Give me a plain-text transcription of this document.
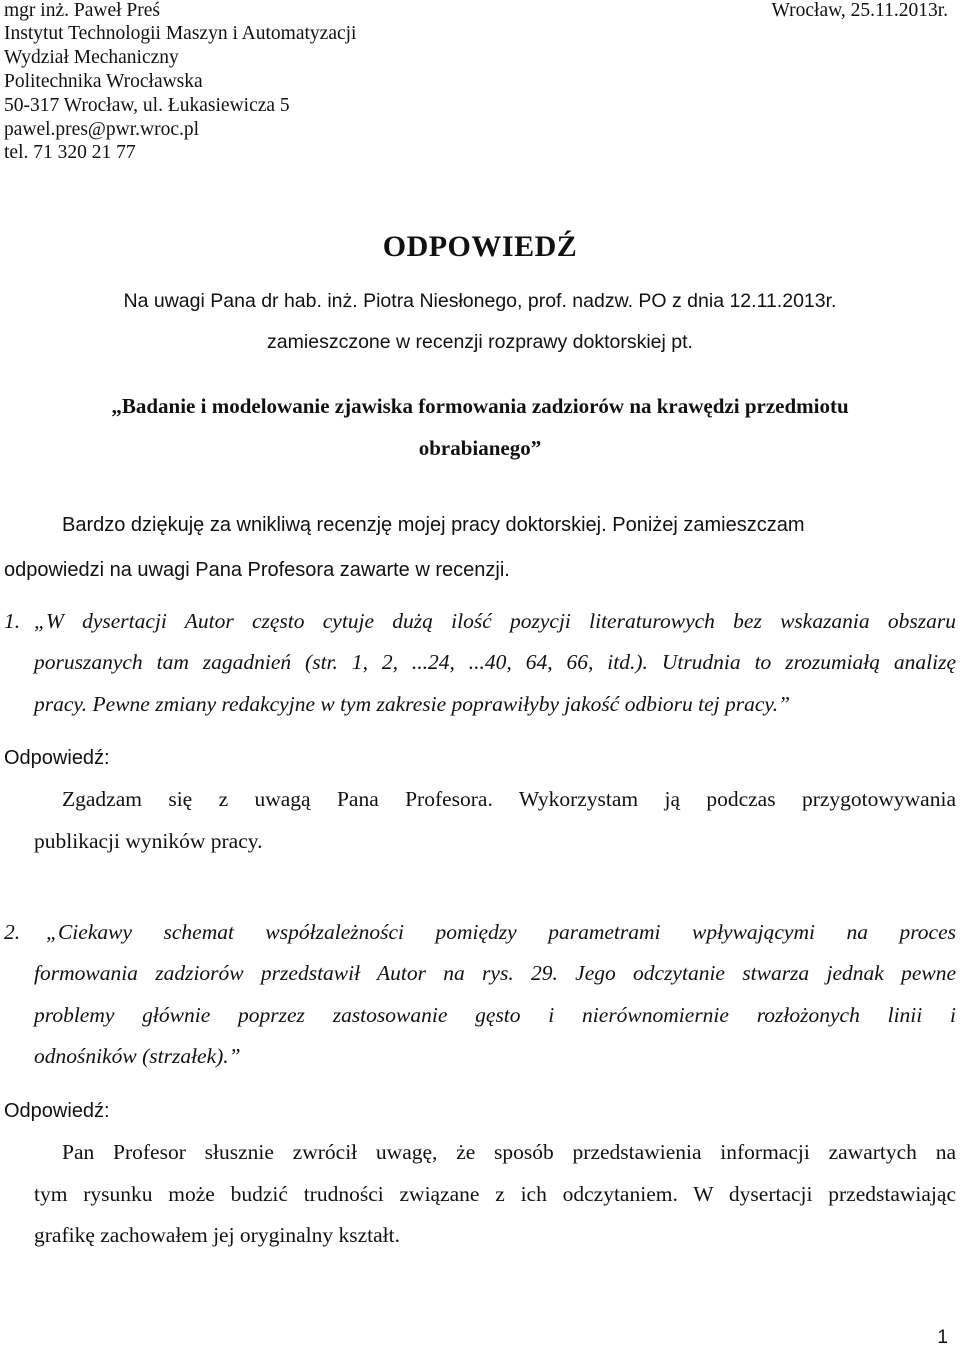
mgr inż. Paweł Preś
Instytut Technologii Maszyn i Automatyzacji
Wydział Mechaniczny
Politechnika Wrocławska
50-317 Wrocław, ul. Łukasiewicza 5
pawel.pres@pwr.wroc.pl
tel. 71 320 21 77
Wrocław, 25.11.2013r.
ODPOWIEDŹ
Na uwagi Pana dr hab. inż. Piotra Niesłonego, prof. nadzw. PO z dnia 12.11.2013r.
zamieszczone w recenzji rozprawy doktorskiej pt.
„Badanie i modelowanie zjawiska formowania zadziorów na krawędzi przedmiotu
obrabianego”
Bardzo dziękuję za wnikliwą recenzję mojej pracy doktorskiej. Poniżej zamieszczam
odpowiedzi na uwagi Pana Profesora zawarte w recenzji.
1. „W dysertacji Autor często cytuje dużą ilość pozycji literaturowych bez wskazania obszaru
poruszanych tam zagadnień (str. 1, 2, ...24, ...40, 64, 66, itd.). Utrudnia to zrozumiałą analizę
pracy. Pewne zmiany redakcyjne w tym zakresie poprawiłyby jakość odbioru tej pracy.”
Odpowiedź:
Zgadzam się z uwagą Pana Profesora. Wykorzystam ją podczas przygotowywania
publikacji wyników pracy.
2. „Ciekawy schemat współzależności pomiędzy parametrami wpływającymi na proces
formowania zadziorów przedstawił Autor na rys. 29. Jego odczytanie stwarza jednak pewne
problemy głównie poprzez zastosowanie gęsto i nierównomiernie rozłożonych linii i
odnośników (strzałek).”
Odpowiedź:
Pan Profesor słusznie zwrócił uwagę, że sposób przedstawienia informacji zawartych na
tym rysunku może budzić trudności związane z ich odczytaniem. W dysertacji przedstawiając
grafikę zachowałem jej oryginalny kształt.
1
